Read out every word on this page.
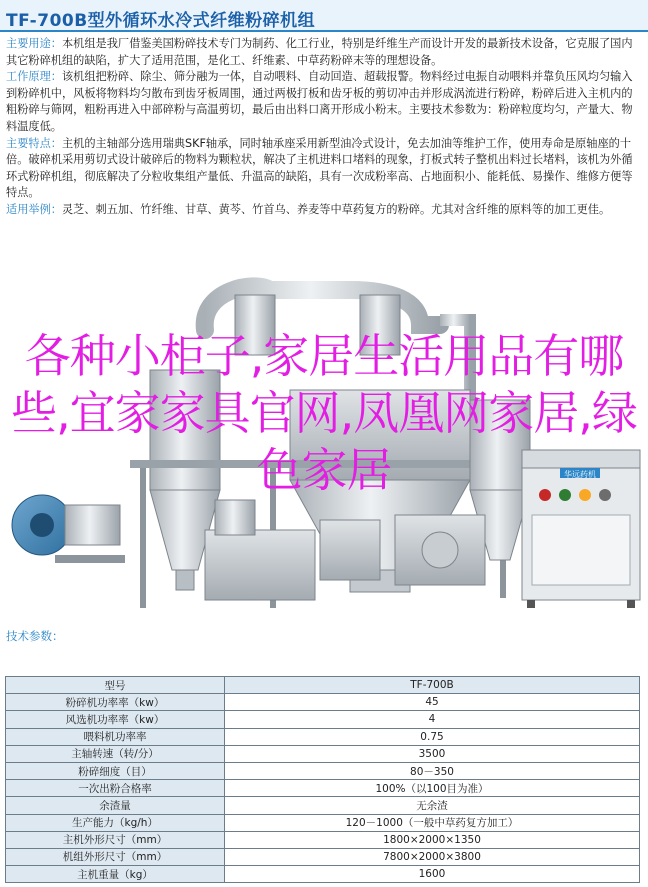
TF-700B型外循环水冷式纤维粉碎机组
主要用途：本机组是我厂借鉴美国粉碎技术专门为制药、化工行业，特别是纤维生产而设计开发的最新技术设备，它克服了国内其它粉碎机组的缺陷，扩大了适用范围，是化工、纤维素、中草药粉碎末等的理想设备。
工作原理：该机组把粉碎、除尘、筛分融为一体，自动喂料、自动回造、超载报警。物料经过电振自动喂料并靠负压风均匀输入到粉碎机中，风板将物料均匀散布到齿牙板周围，通过两极打板和齿牙板的剪切冲击并形成涡流进行粉碎，粉碎后进入主机内的粗粉碎与筛网，粗粉再进入中部碎粉与高温剪切，最后由出料口离开形成小粉末。主要技术参数为：粉碎粒度均匀，产量大、物料温度低。
主要特点：主机的主轴部分选用瑞典SKF轴承，同时轴承座采用新型油冷式设计，免去加油等维护工作，使用寿命是原轴座的十倍。破碎机采用剪切式设计破碎后的物料为颗粒状，解决了主机进料口堵料的现象，打板式转子整机出料过长堵料，该机为外循环式粉碎机组，彻底解决了分粒收集组产量低、升温高的缺陷，具有一次成粉率高、占地面积小、能耗低、易操作、维修方便等特点。
适用举例：灵芝、刺五加、竹纤维、甘草、黄芩、竹首乌、养麦等中草药复方的粉碎。尤其对含纤维的原料等的加工更佳。
华远药机
各种小柜子,家居生活用品有哪些,宜家家具官网,凤凰网家居,绿色家居
技术参数：
型号	TF-700B
粉碎机功率率（kw）	45
风选机功率率（kw）	4
喂料机功率率	0.75
主轴转速（转/分）	3500
粉碎细度（目）	80－350
一次出粉合格率	100%（以100目为准）
余渣量	无余渣
生产能力（kg/h）	120－1000（一般中草药复方加工）
主机外形尺寸（mm）	1800×2000×1350
机组外形尺寸（mm）	7800×2000×3800
主机重量（kg）	1600
